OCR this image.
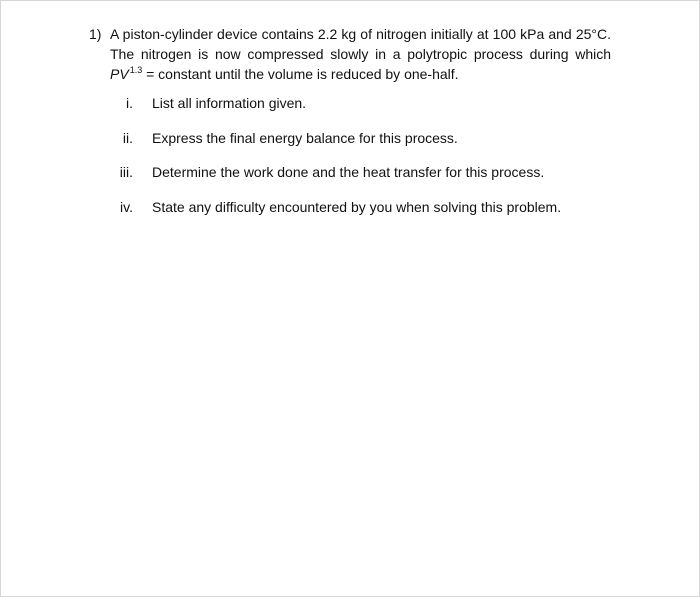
1) A piston-cylinder device contains 2.2 kg of nitrogen initially at 100 kPa and 25°C.
The nitrogen is now compressed slowly in a polytropic process during which
$PV^{1.3}$ = constant until the volume is reduced by one-half.
i. List all information given.
ii. Express the final energy balance for this process.
iii. Determine the work done and the heat transfer for this process.
iv. State any difficulty encountered by you when solving this problem.
